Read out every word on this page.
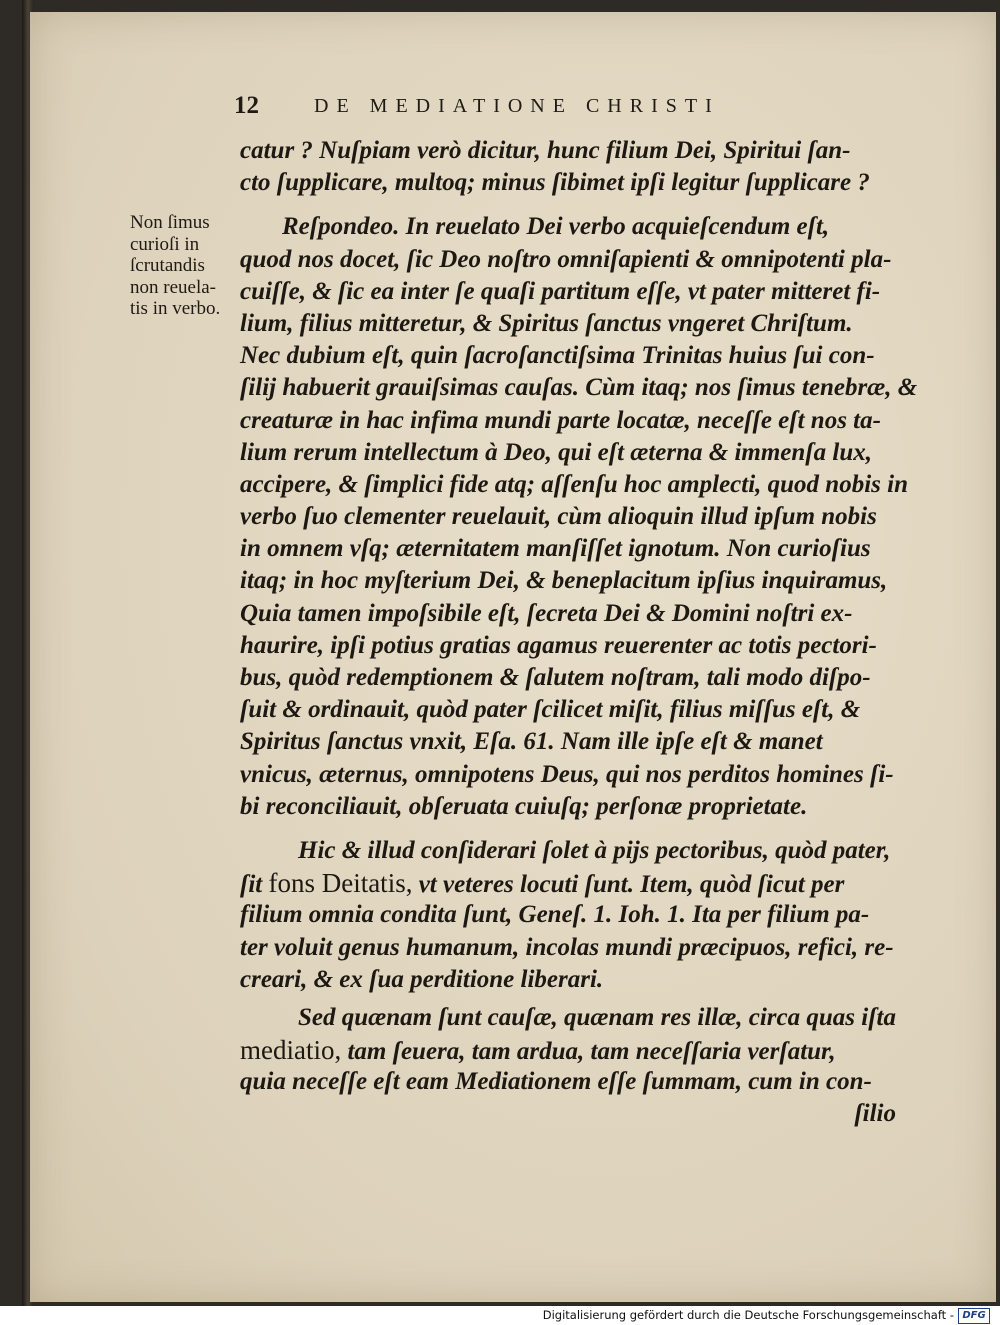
12	DE MEDIATIONE CHRISTI
Non ſimus
curioſi in
ſcrutandis
non reuela-
tis in verbo.
catur ? Nuſpiam verò dicitur, hunc filium Dei, Spiritui ſan-
cto ſupplicare, multoq; minus ſibimet ipſi legitur ſupplicare ?
Reſpondeo. In reuelato Dei verbo acquieſcendum eſt,
quod nos docet, ſic Deo noſtro omniſapienti & omnipotenti pla-
cuiſſe, & ſic ea inter ſe quaſi partitum eſſe, vt pater mitteret fi-
lium, filius mitteretur, & Spiritus ſanctus vngeret Chriſtum.
Nec dubium eſt, quin ſacroſanctiſsima Trinitas huius ſui con-
ſilij habuerit grauiſsimas cauſas. Cùm itaq; nos ſimus tenebræ, &
creaturæ in hac infima mundi parte locatæ, neceſſe eſt nos ta-
lium rerum intellectum à Deo, qui eſt æterna & immenſa lux,
accipere, & ſimplici fide atq; aſſenſu hoc amplecti, quod nobis in
verbo ſuo clementer reuelauit, cùm alioquin illud ipſum nobis
in omnem vſq; æternitatem manſiſſet ignotum. Non curioſius
itaq; in hoc myſterium Dei, & beneplacitum ipſius inquiramus,
Quia tamen impoſsibile eſt, ſecreta Dei & Domini noſtri ex-
haurire, ipſi potius gratias agamus reuerenter ac totis pectori-
bus, quòd redemptionem & ſalutem noſtram, tali modo diſpo-
ſuit & ordinauit, quòd pater ſcilicet miſit, filius miſſus eſt, &
Spiritus ſanctus vnxit, Eſa. 61. Nam ille ipſe eſt & manet
vnicus, æternus, omnipotens Deus, qui nos perditos homines ſi-
bi reconciliauit, obſeruata cuiuſq; perſonæ proprietate.
Hic & illud conſiderari ſolet à pijs pectoribus, quòd pater,
ſit fons Deitatis, vt veteres locuti ſunt. Item, quòd ſicut per
filium omnia condita ſunt, Geneſ. 1. Ioh. 1. Ita per filium pa-
ter voluit genus humanum, incolas mundi præcipuos, refici, re-
creari, & ex ſua perditione liberari.
Sed quænam ſunt cauſæ, quænam res illæ, circa quas iſta
mediatio, tam ſeuera, tam ardua, tam neceſſaria verſatur,
quia neceſſe eſt eam Mediationem eſſe ſummam, cum in con-
ſilio
Digitalisierung gefördert durch die Deutsche Forschungsgemeinschaft - DFG
